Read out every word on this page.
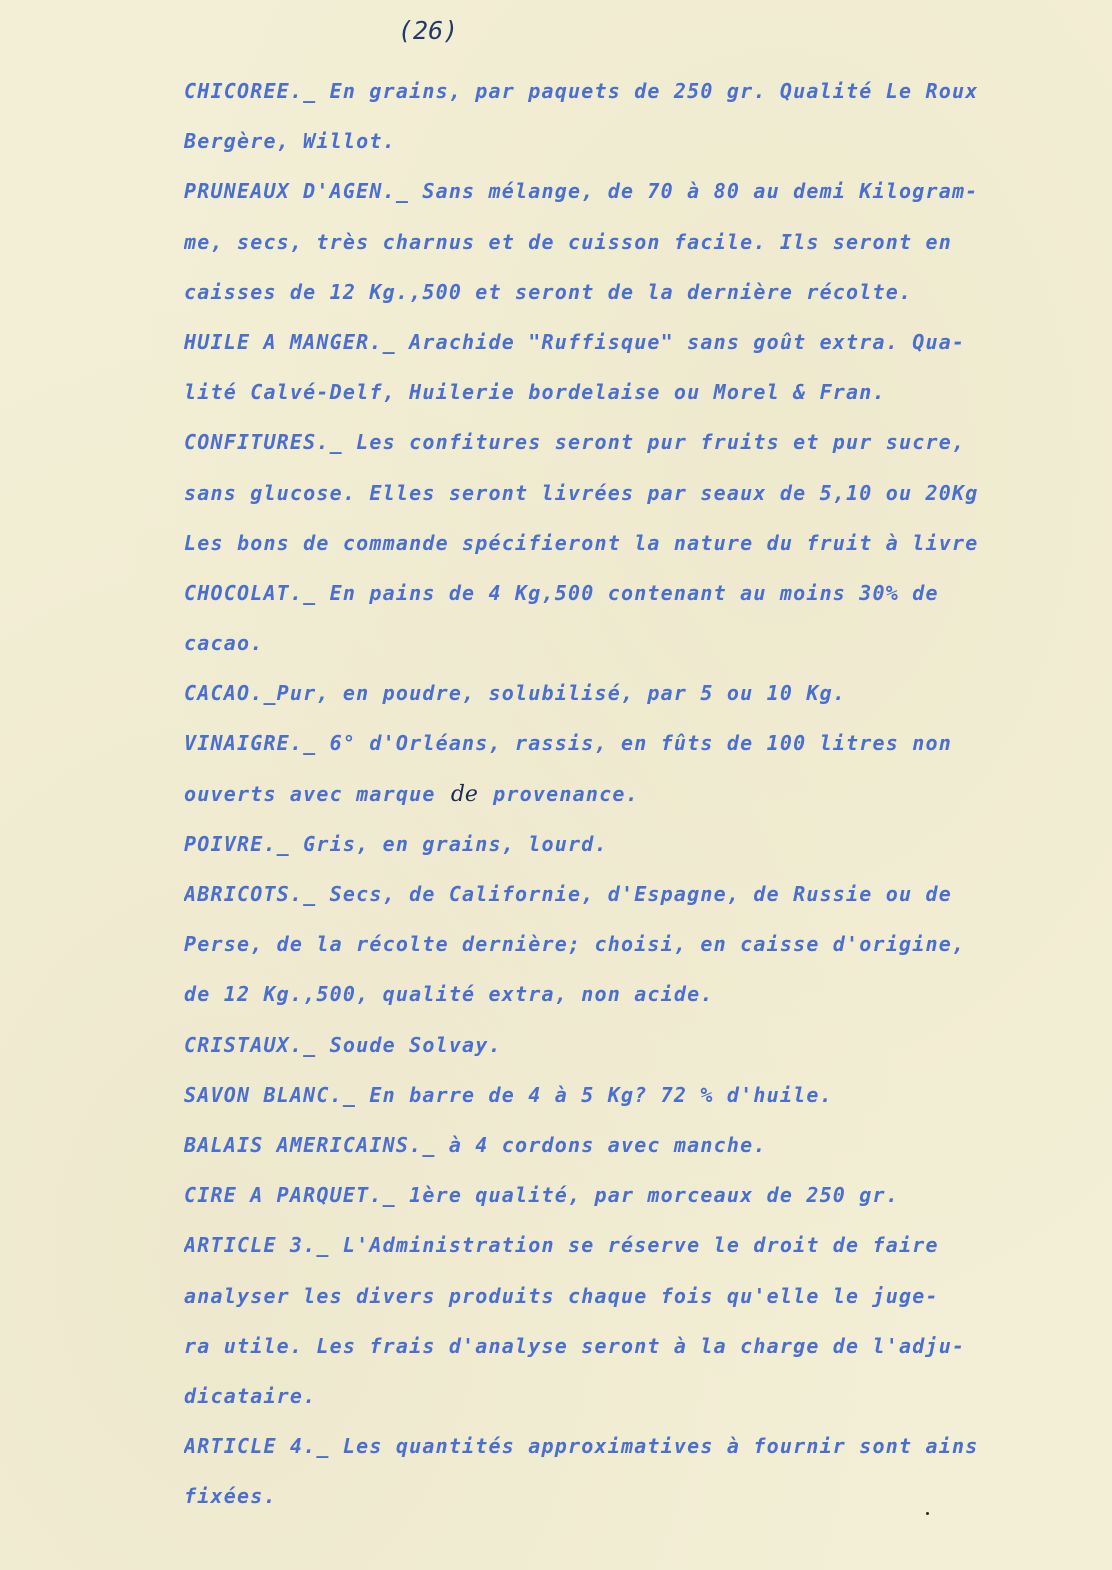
(26)
CHICOREE._ En grains, par paquets de 250 gr. Qualité Le Roux
Bergère, Willot.
PRUNEAUX D'AGEN._ Sans mélange, de 70 à 80 au demi Kilogram-
me, secs, très charnus et de cuisson facile. Ils seront en
caisses de 12 Kg.,500 et seront de la dernière récolte.
HUILE A MANGER._ Arachide "Ruffisque" sans goût extra. Qua-
lité Calvé-Delf, Huilerie bordelaise ou Morel & Fran.
CONFITURES._ Les confitures seront pur fruits et pur sucre,
sans glucose. Elles seront livrées par seaux de 5,10 ou 20Kg
Les bons de commande spécifieront la nature du fruit à livre
CHOCOLAT._ En pains de 4 Kg,500 contenant au moins 30% de
cacao.
CACAO._Pur, en poudre, solubilisé, par 5 ou 10 Kg.
VINAIGRE._ 6° d'Orléans, rassis, en fûts de 100 litres non
ouverts avec marque de provenance.
POIVRE._ Gris, en grains, lourd.
ABRICOTS._ Secs, de Californie, d'Espagne, de Russie ou de
Perse, de la récolte dernière; choisi, en caisse d'origine,
de 12 Kg.,500, qualité extra, non acide.
CRISTAUX._ Soude Solvay.
SAVON BLANC._ En barre de 4 à 5 Kg? 72 % d'huile.
BALAIS AMERICAINS._ à 4 cordons avec manche.
CIRE A PARQUET._ 1ère qualité, par morceaux de 250 gr.
ARTICLE 3._ L'Administration se réserve le droit de faire
analyser les divers produits chaque fois qu'elle le juge-
ra utile. Les frais d'analyse seront à la charge de l'adju-
dicataire.
ARTICLE 4._ Les quantités approximatives à fournir sont ains
fixées.
